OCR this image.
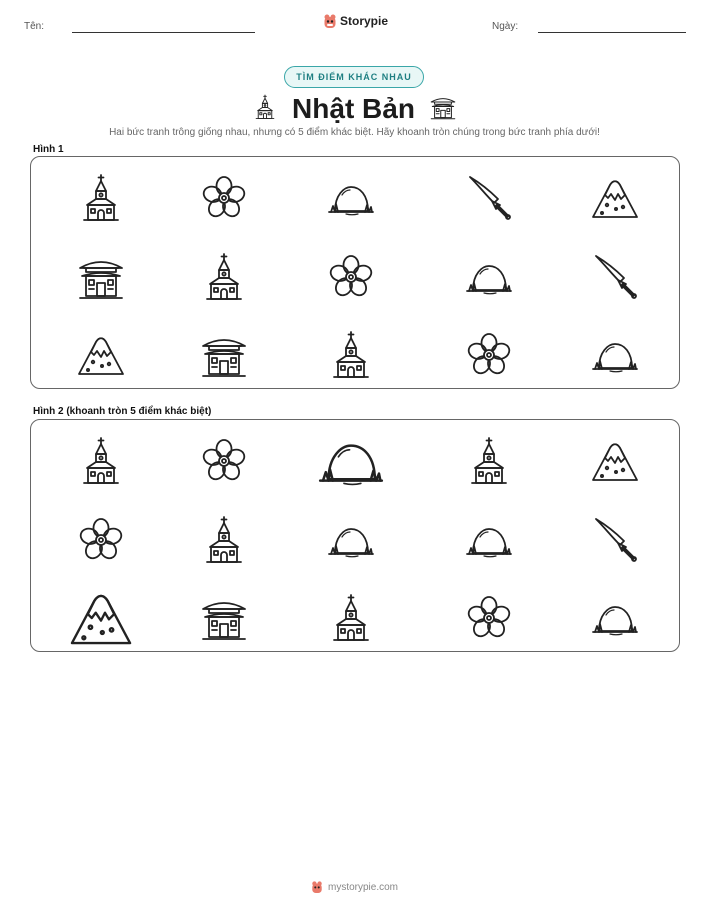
Tên:	Storypie	Ngày:
TÌM ĐIỂM KHÁC NHAU
Nhật Bản
Hai bức tranh trông giống nhau, nhưng có 5 điểm khác biệt. Hãy khoanh tròn chúng trong bức tranh phía dưới!
Hình 1
Hình 2 (khoanh tròn 5 điểm khác biệt)
mystorypie.com
